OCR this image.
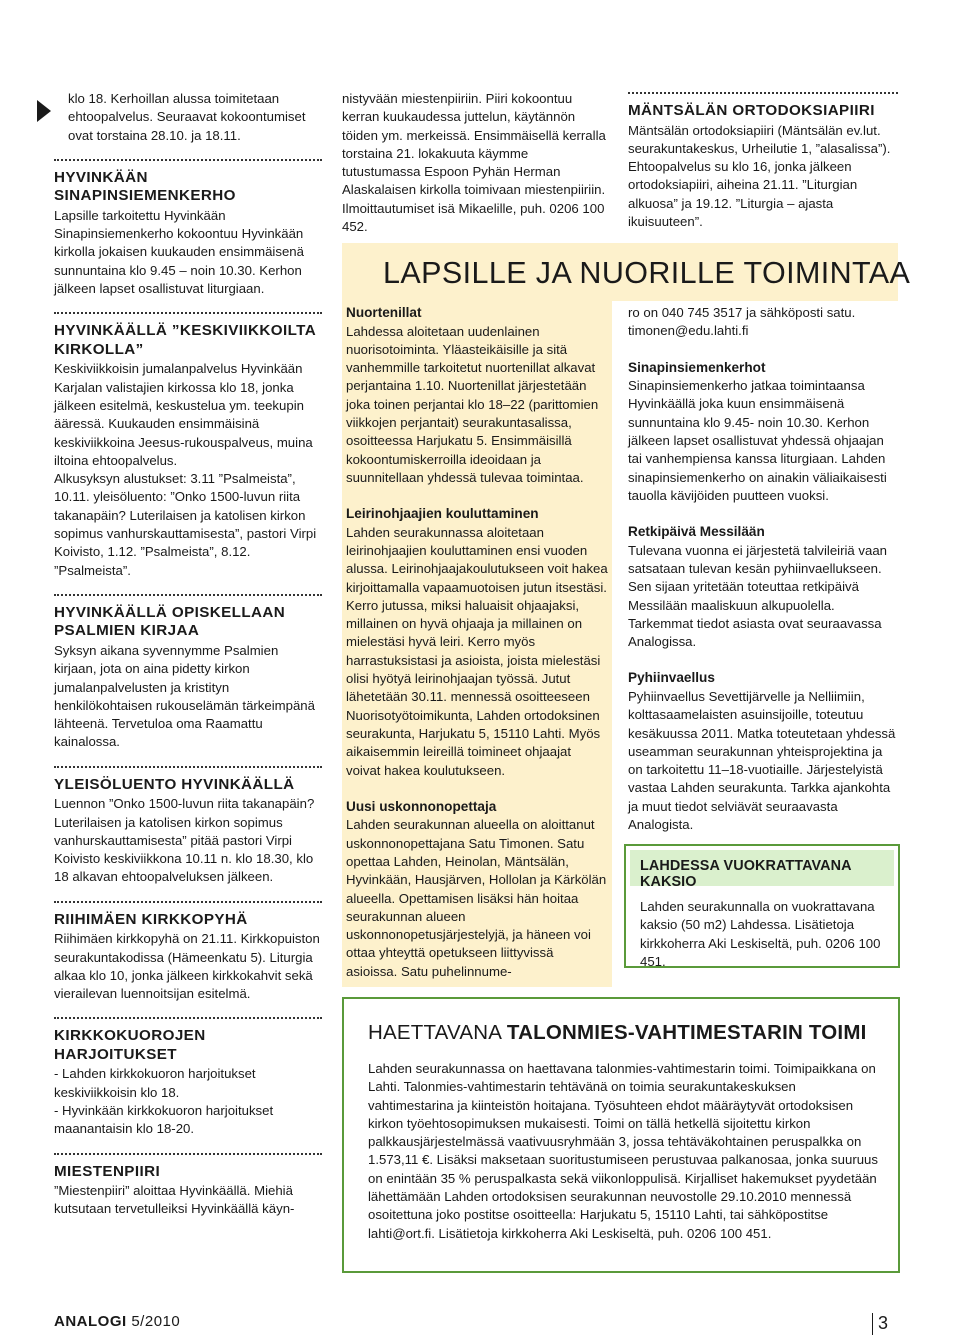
klo 18. Kerhoillan alussa toimitetaan ehtoopalvelus. Seuraavat kokoontumiset ovat torstaina 28.10. ja 18.11.

HYVINKÄÄN SINAPINSIEMENKERHO

Lapsille tarkoitettu Hyvinkään Sinapinsiemenkerho kokoontuu Hyvinkään kirkolla jokaisen kuukauden ensimmäisenä sunnuntaina klo 9.45 – noin 10.30. Kerhon jälkeen lapset osallistuvat liturgiaan.

HYVINKÄÄLLÄ ”KESKIVIIKKOILTA KIRKOLLA”

Keskiviikkoisin jumalanpalvelus Hyvinkään Karjalan valistajien kirkossa klo 18, jonka jälkeen esitelmä, keskustelua ym. teekupin ääressä. Kuukauden ensimmäisinä keskiviikkoina Jeesus-rukouspalveus, muina iltoina ehtoopalvelus.

Alkusyksyn alustukset: 3.11 ”Psalmeista”, 10.11. yleisöluento: ”Onko 1500-luvun riita takanapäin? Luterilaisen ja katolisen kirkon sopimus vanhurskauttamisesta”, pastori Virpi Koivisto, 1.12. ”Psalmeista”, 8.12. ”Psalmeista”.

HYVINKÄÄLLÄ OPISKELLAAN PSALMIEN KIRJAA

Syksyn aikana syvennymme Psalmien kirjaan, jota on aina pidetty kirkon jumalanpalvelusten ja kristityn henkilökohtaisen rukouselämän tärkeimpänä lähteenä. Tervetuloa oma Raamattu kainalossa.

YLEISÖLUENTO HYVINKÄÄLLÄ

Luennon ”Onko 1500-luvun riita takanapäin? Luterilaisen ja katolisen kirkon sopimus vanhurskauttamisesta” pitää pastori Virpi Koivisto keskiviikkona 10.11 n. klo 18.30, klo 18 alkavan ehtoopalveluksen jälkeen.

RIIHIMÄEN KIRKKOPYHÄ

Riihimäen kirkkopyhä on 21.11. Kirkkopuiston seurakuntakodissa (Hämeenkatu 5). Liturgia alkaa klo 10, jonka jälkeen kirkkokahvit sekä vierailevan luennoitsijan esitelmä.

KIRKKOKUOROJEN HARJOITUKSET

- Lahden kirkkokuoron harjoitukset keskiviikkoisin klo 18.

- Hyvinkään kirkkokuoron harjoitukset maanantaisin klo 18-20.

MIESTENPIIRI

”Miestenpiiri” aloittaa Hyvinkäällä. Miehiä kutsutaan tervetulleiksi Hyvinkäällä käyn-

nistyvään miestenpiiriin. Piiri kokoontuu kerran kuukaudessa juttelun, käytännön töiden ym. merkeissä. Ensimmäisellä kerralla torstaina 21. lokakuuta käymme tutustumassa Espoon Pyhän Herman Alaskalaisen kirkolla toimivaan miestenpiiriin. Ilmoittautumiset isä Mikaelille, puh. 0206 100 452.

MÄNTSÄLÄN ORTODOKSIAPIIRI

Mäntsälän ortodoksiapiiri (Mäntsälän ev.lut. seurakuntakeskus, Urheilutie 1, ”alasalissa”). Ehtoopalvelus su klo 16, jonka jälkeen ortodoksiapiiri, aiheina 21.11. ”Liturgian alkuosa” ja 19.12. ”Liturgia – ajasta ikuisuuteen”.

LAPSILLE JA NUORILLE TOIMINTAA
Nuortenillat

Lahdessa aloitetaan uudenlainen nuorisotoiminta. Yläasteikäisille ja sitä vanhemmille tarkoitetut nuortenillat alkavat perjantaina 1.10. Nuortenillat järjestetään joka toinen perjantai klo 18–22 (parittomien viikkojen perjantait) seurakuntasalissa, osoitteessa Harjukatu 5. Ensimmäisillä kokoontumiskerroilla ideoidaan ja suunnitellaan yhdessä tulevaa toimintaa.

Leirinohjaajien kouluttaminen

Lahden seurakunnassa aloitetaan leirinohjaajien kouluttaminen ensi vuoden alussa. Leirinohjaajakoulutukseen voit hakea kirjoittamalla vapaamuotoisen jutun itsestäsi. Kerro jutussa, miksi haluaisit ohjaajaksi, millainen on hyvä ohjaaja ja millainen on mielestäsi hyvä leiri. Kerro myös harrastuksistasi ja asioista, joista mielestäsi olisi hyötyä leirinohjaajan työssä. Jutut lähetetään 30.11. mennessä osoitteeseen Nuorisotyötoimikunta, Lahden ortodoksinen seurakunta, Harjukatu 5, 15110 Lahti. Myös aikaisemmin leireillä toimineet ohjaajat voivat hakea koulutukseen.

Uusi uskonnonopettaja

Lahden seurakunnan alueella on aloittanut uskonnonopettajana Satu Timonen. Satu opettaa Lahden, Heinolan, Mäntsälän, Hyvinkään, Hausjärven, Hollolan ja Kärkölän alueella. Opettamisen lisäksi hän hoitaa seurakunnan alueen uskonnonopetusjärjestelyjä, ja häneen voi ottaa yhteyttä opetukseen liittyvissä asioissa. Satu puhelinnume-

ro on 040 745 3517 ja sähköposti satu. timonen@edu.lahti.fi

Sinapinsiemenkerhot

Sinapinsiemenkerho jatkaa toimintaansa Hyvinkäällä joka kuun ensimmäisenä sunnuntaina klo 9.45- noin 10.30. Kerhon jälkeen lapset osallistuvat yhdessä ohjaajan tai vanhempiensa kanssa liturgiaan. Lahden sinapinsiemenkerho on ainakin väliaikaisesti tauolla kävijöiden puutteen vuoksi.

Retkipäivä Messilään

Tulevana vuonna ei järjestetä talvileiriä vaan satsataan tulevan kesän pyhiinvaellukseen. Sen sijaan yritetään toteuttaa retkipäivä Messilään maaliskuun alkupuolella. Tarkemmat tiedot asiasta ovat seuraavassa Analogissa.

Pyhiinvaellus

Pyhiinvaellus Sevettijärvelle ja Nelliimiin, kolttasaamelaisten asuinsijoille, toteutuu kesäkuussa 2011. Matka toteutetaan yhdessä useamman seurakunnan yhteisprojektina ja on tarkoitettu 11–18-vuotiaille. Järjestelyistä vastaa Lahden seurakunta. Tarkka ajankohta ja muut tiedot selviävät seuraavasta Analogista.

LAHDESSA VUOKRATTAVANA KAKSIO

Lahden seurakunnalla on vuokrattavana kaksio (50 m2) Lahdessa. Lisätietoja kirkkoherra Aki Leskiseltä, puh. 0206 100 451.

HAETTAVANA TALONMIES-VAHTIMESTARIN TOIMI

Lahden seurakunnassa on haettavana talonmies-vahtimestarin toimi. Toimipaikkana on Lahti. Talonmies-vahtimestarin tehtävänä on toimia seurakuntakeskuksen vahtimestarina ja kiinteistön hoitajana. Työsuhteen ehdot määräytyvät ortodoksisen kirkon työehtosopimuksen mukaisesti. Toimi on tällä hetkellä sijoitettu kirkon palkkausjärjestelmässä vaativuusryhmään 3, jossa tehtäväkohtainen peruspalkka on 1.573,11 €. Lisäksi maksetaan suoritustumiseen perustuvaa palkanosaa, jonka suuruus on enintään 35 % peruspalkasta sekä viikonloppulisä. Kirjalliset hakemukset pyydetään lähettämään Lahden ortodoksisen seurakunnan neuvostolle 29.10.2010 mennessä osoitettuna joko postitse osoitteella: Harjukatu 5, 15110 Lahti, tai sähköpostitse lahti@ort.fi. Lisätietoja kirkkoherra Aki Leskiseltä, puh. 0206 100 451.

ANALOGI 5/2010	3
